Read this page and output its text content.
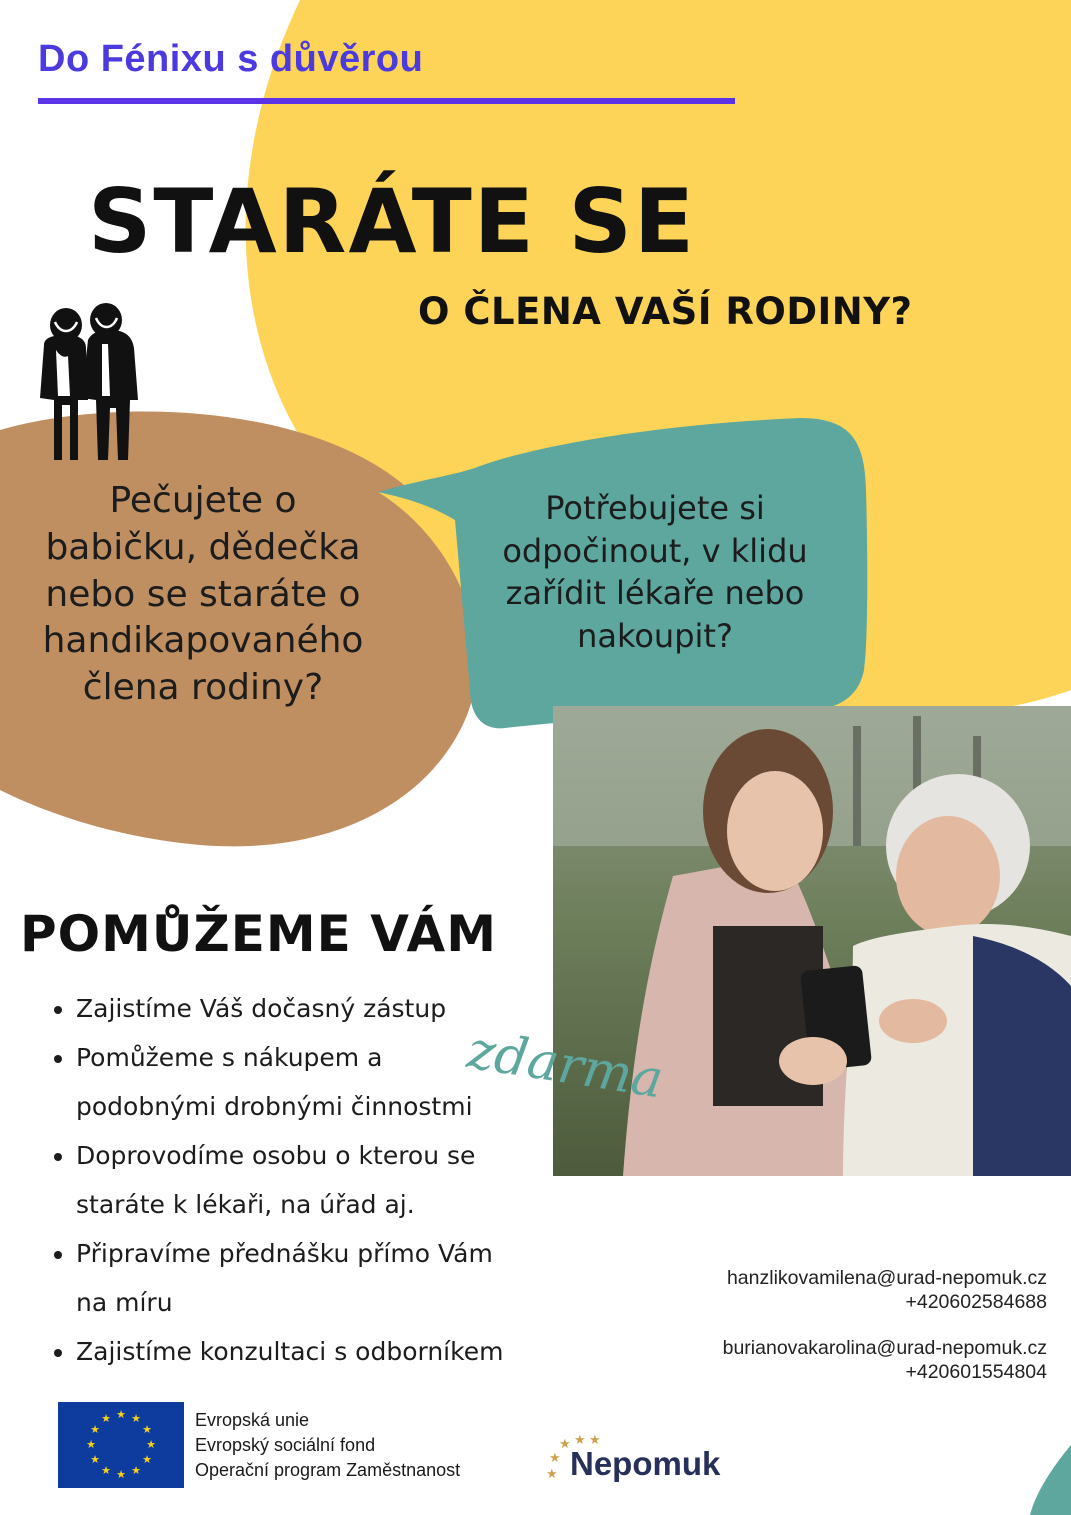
Do Fénixu s důvěrou
STARÁTE SE
O ČLENA VAŠÍ RODINY?
Pečujete o
babičku, dědečka
nebo se staráte o
handikapovaného
člena rodiny?
Potřebujete si
odpočinout, v klidu
zařídit lékaře nebo
nakoupit?
POMŮŽEME VÁM
• Zajistíme Váš dočasný zástup
• Pomůžeme s nákupem a
podobnými drobnými činnostmi
• Doprovodíme osobu o kterou se
staráte k lékaři, na úřad aj.
• Připravíme přednášku přímo Vám
na míru
• Zajistíme konzultaci s odborníkem
zdarma
hanzlikovamilena@urad-nepomuk.cz
+420602584688
burianovakarolina@urad-nepomuk.cz
+420601554804
★ ★
★
★
★
★
★
★
★
★
★
★	Evropská unie
Evropský sociální fond
Operační program Zaměstnanost
★ ★ ★
★
★ Nepomuk
